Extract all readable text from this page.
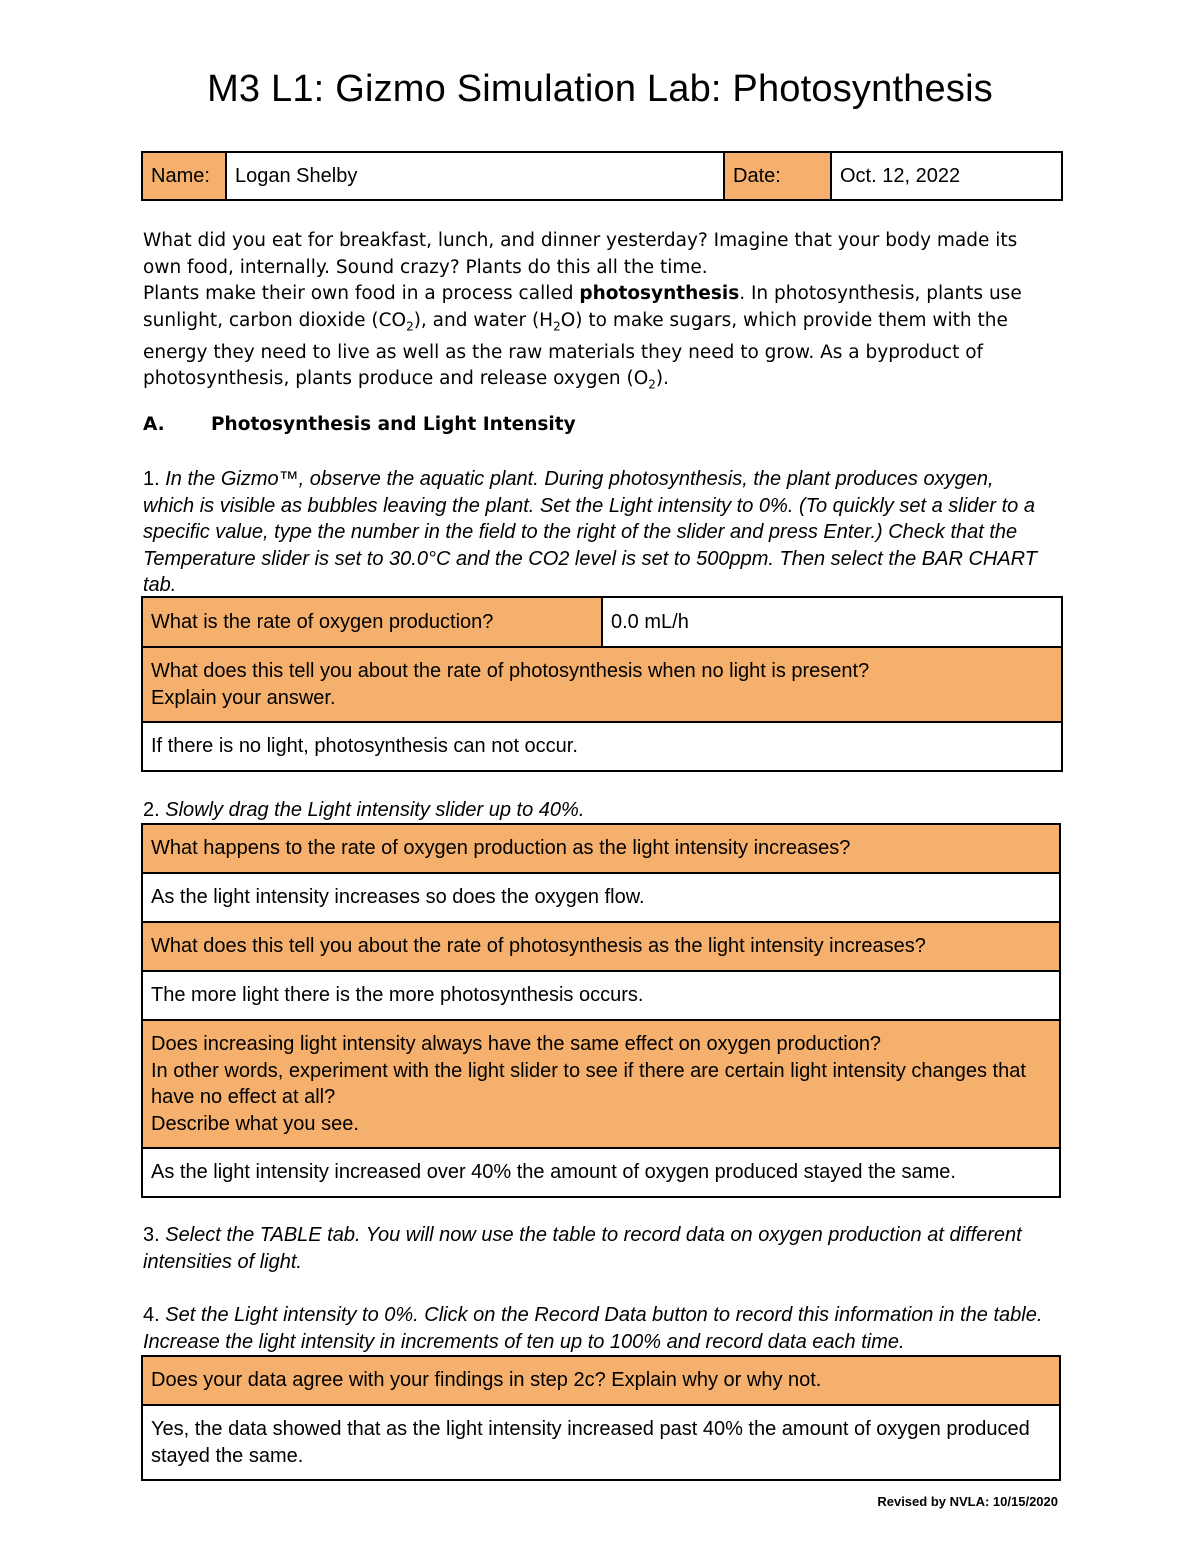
M3 L1: Gizmo Simulation Lab: Photosynthesis
Name:	Logan Shelby	Date:	Oct. 12, 2022

What did you eat for breakfast, lunch, and dinner yesterday? Imagine that your body made its own food, internally. Sound crazy? Plants do this all the time.

Plants make their own food in a process called photosynthesis. In photosynthesis, plants use sunlight, carbon dioxide $(CO_2)$, and water $(H_2O)$ to make sugars, which provide them with the energy they need to live as well as the raw materials they need to grow. As a byproduct of photosynthesis, plants produce and release oxygen $(O_2)$.

A.	Photosynthesis and Light Intensity
1. In the Gizmo™, observe the aquatic plant. During photosynthesis, the plant produces oxygen, which is visible as bubbles leaving the plant. Set the Light intensity to 0%. (To quickly set a slider to a specific value, type the number in the field to the right of the slider and press Enter.) Check that the Temperature slider is set to 30.0°C and the CO2 level is set to 500ppm. Then select the BAR CHART tab.
What is the rate of oxygen production?	0.0 mL/h

What does this tell you about the rate of photosynthesis when no light is present?
Explain your answer.

If there is no light, photosynthesis can not occur.
2. Slowly drag the Light intensity slider up to 40%.
What happens to the rate of oxygen production as the light intensity increases?
As the light intensity increases so does the oxygen flow.
What does this tell you about the rate of photosynthesis as the light intensity increases?
The more light there is the more photosynthesis occurs.

Does increasing light intensity always have the same effect on oxygen production?
In other words, experiment with the light slider to see if there are certain light intensity changes that have no effect at all?
Describe what you see.

As the light intensity increased over 40% the amount of oxygen produced stayed the same.
3. Select the TABLE tab. You will now use the table to record data on oxygen production at different intensities of light.
4. Set the Light intensity to 0%. Click on the Record Data button to record this information in the table. Increase the light intensity in increments of ten up to 100% and record data each time.
Does your data agree with your findings in step 2c? Explain why or why not.
Yes, the data showed that as the light intensity increased past 40% the amount of oxygen produced stayed the same.
Revised by NVLA: 10/15/2020
